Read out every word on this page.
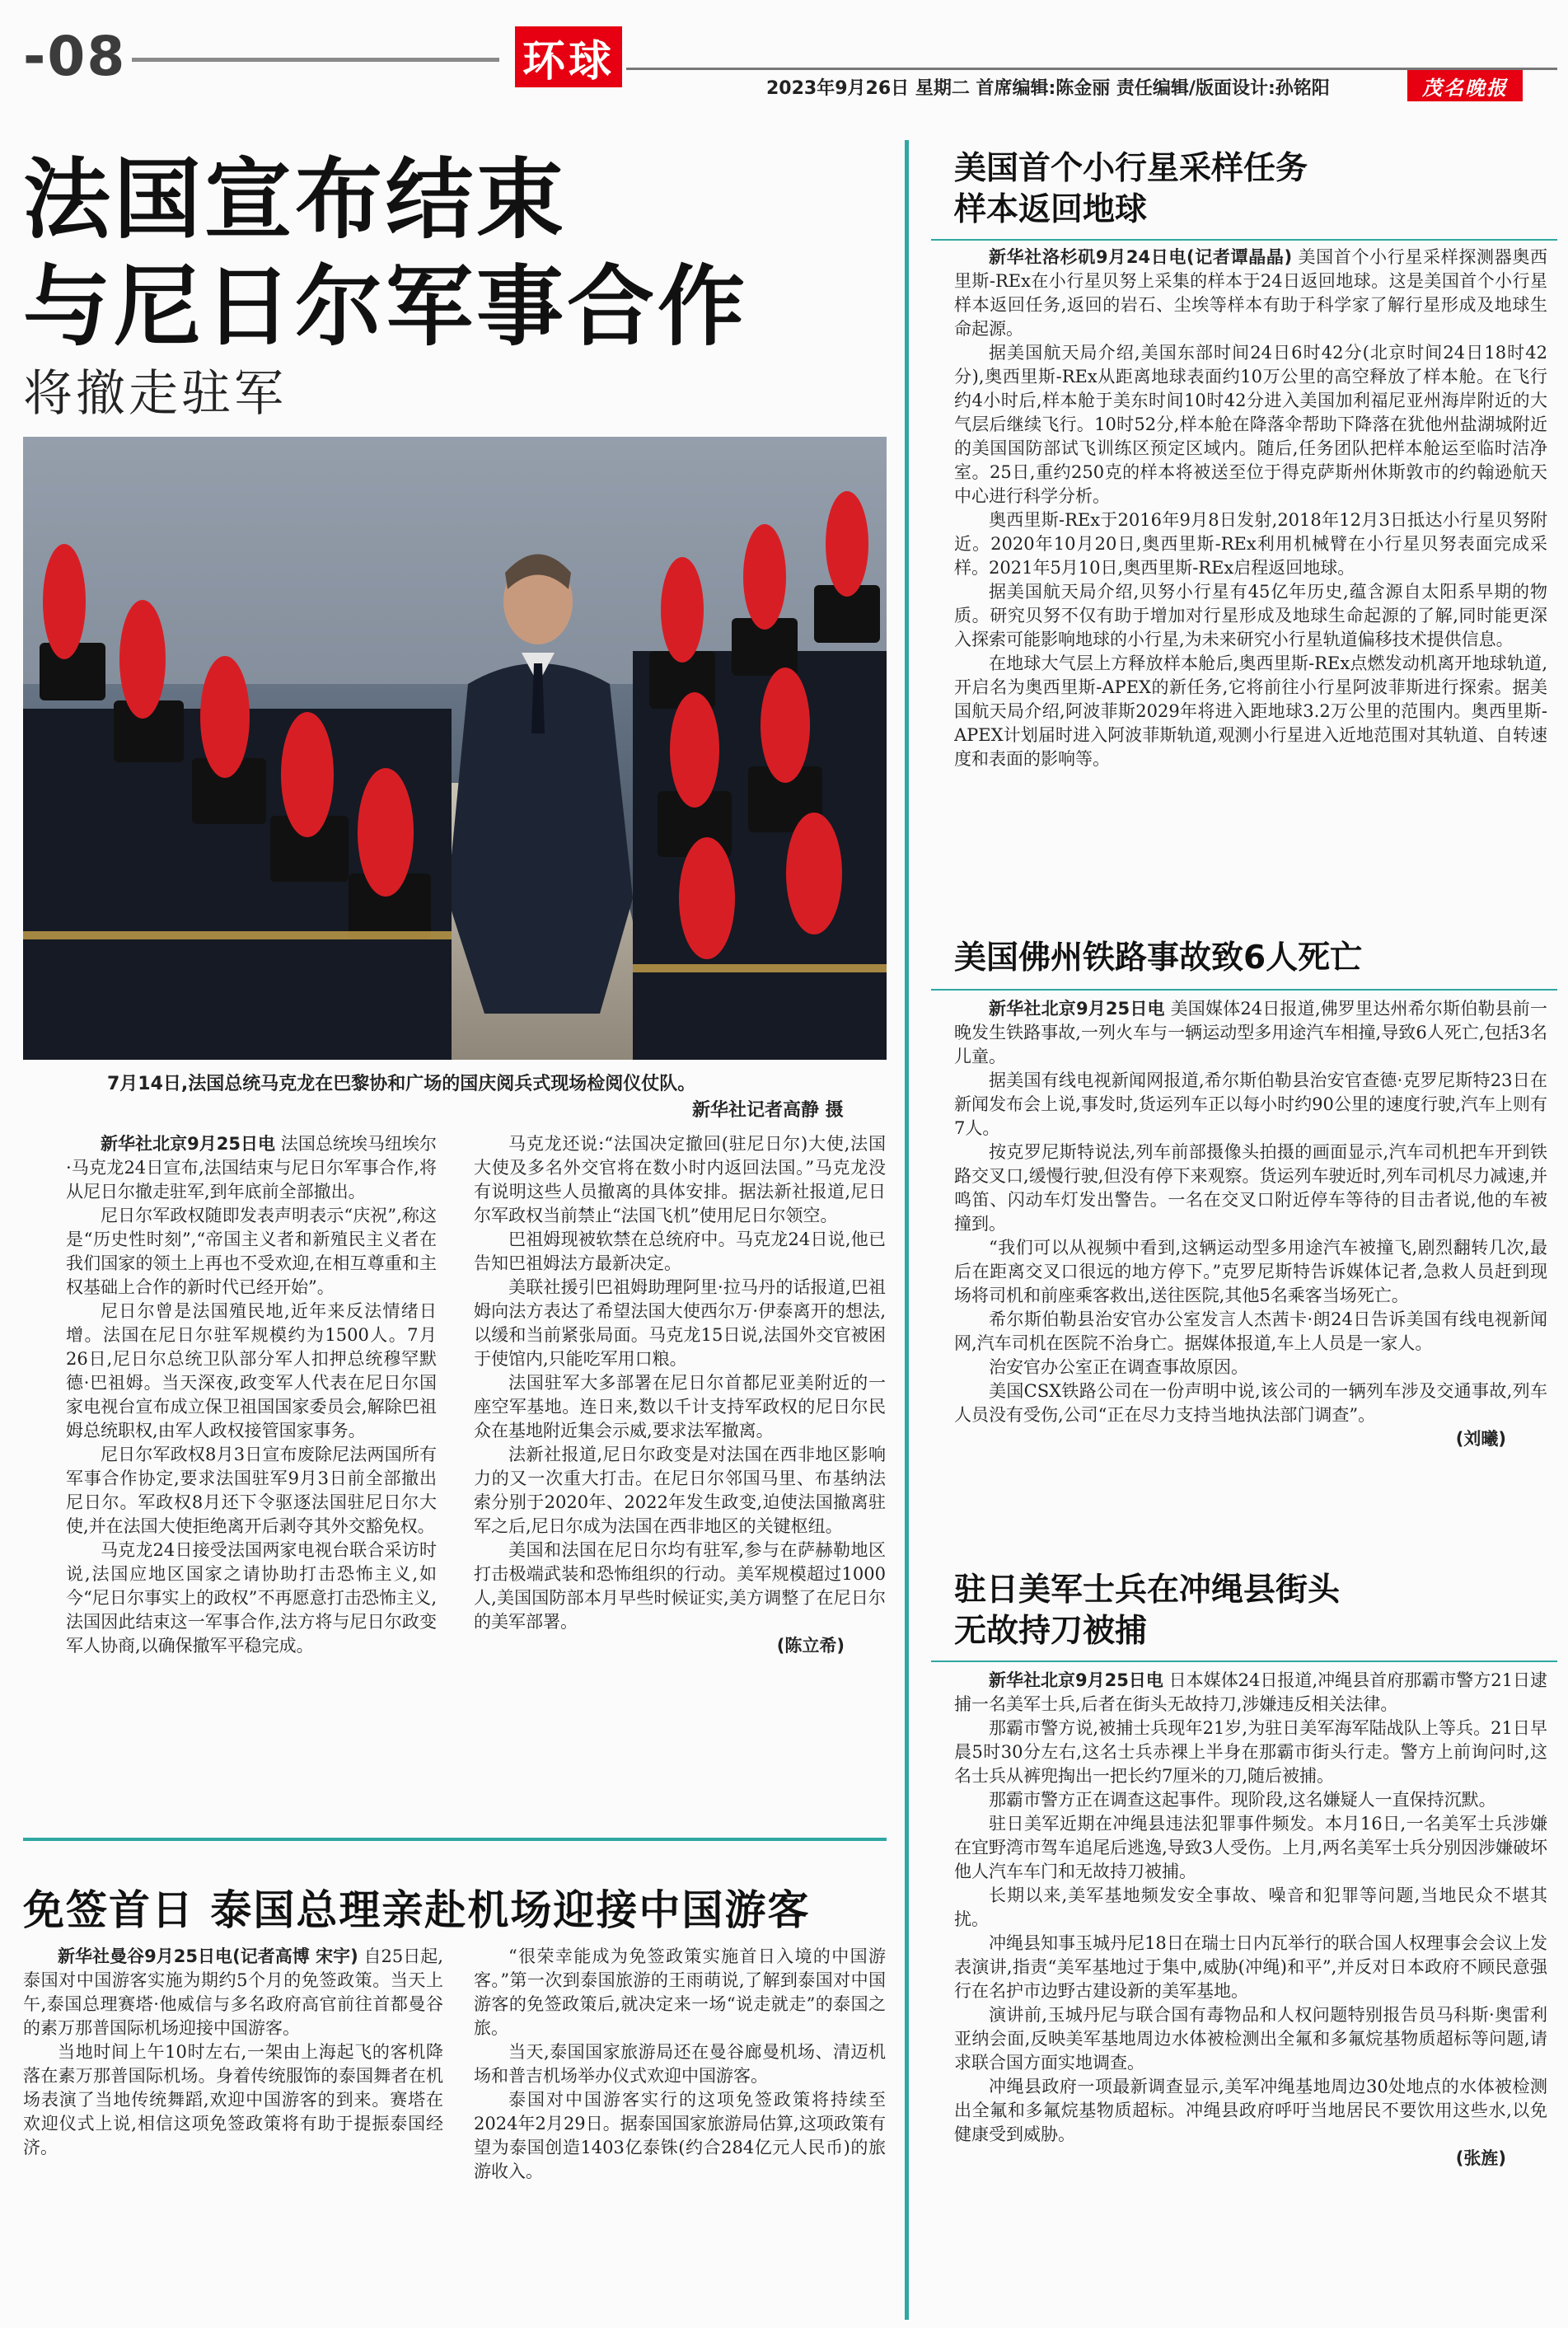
-08	环球
2023年9月26日 星期二 首席编辑:陈金丽 责任编辑/版面设计:孙铭阳	茂名晚报
法国宣布结束
与尼日尔军事合作
将撤走驻军
7月14日,法国总统马克龙在巴黎协和广场的国庆阅兵式现场检阅仪仗队。
新华社记者高静 摄

新华社北京9月25日电 法国总统埃马纽埃尔·马克龙24日宣布,法国结束与尼日尔军事合作,将从尼日尔撤走驻军,到年底前全部撤出。

尼日尔军政权随即发表声明表示“庆祝”,称这是“历史性时刻”,“帝国主义者和新殖民主义者在我们国家的领土上再也不受欢迎,在相互尊重和主权基础上合作的新时代已经开始”。

尼日尔曾是法国殖民地,近年来反法情绪日增。法国在尼日尔驻军规模约为1500人。7月26日,尼日尔总统卫队部分军人扣押总统穆罕默德·巴祖姆。当天深夜,政变军人代表在尼日尔国家电视台宣布成立保卫祖国国家委员会,解除巴祖姆总统职权,由军人政权接管国家事务。

尼日尔军政权8月3日宣布废除尼法两国所有军事合作协定,要求法国驻军9月3日前全部撤出尼日尔。军政权8月还下令驱逐法国驻尼日尔大使,并在法国大使拒绝离开后剥夺其外交豁免权。

马克龙24日接受法国两家电视台联合采访时说,法国应地区国家之请协助打击恐怖主义,如今“尼日尔事实上的政权”不再愿意打击恐怖主义,法国因此结束这一军事合作,法方将与尼日尔政变军人协商,以确保撤军平稳完成。

马克龙还说:“法国决定撤回(驻尼日尔)大使,法国大使及多名外交官将在数小时内返回法国。”马克龙没有说明这些人员撤离的具体安排。据法新社报道,尼日尔军政权当前禁止“法国飞机”使用尼日尔领空。

巴祖姆现被软禁在总统府中。马克龙24日说,他已告知巴祖姆法方最新决定。

美联社援引巴祖姆助理阿里·拉马丹的话报道,巴祖姆向法方表达了希望法国大使西尔万·伊泰离开的想法,以缓和当前紧张局面。马克龙15日说,法国外交官被困于使馆内,只能吃军用口粮。

法国驻军大多部署在尼日尔首都尼亚美附近的一座空军基地。连日来,数以千计支持军政权的尼日尔民众在基地附近集会示威,要求法军撤离。

法新社报道,尼日尔政变是对法国在西非地区影响力的又一次重大打击。在尼日尔邻国马里、布基纳法索分别于2020年、2022年发生政变,迫使法国撤离驻军之后,尼日尔成为法国在西非地区的关键枢纽。

美国和法国在尼日尔均有驻军,参与在萨赫勒地区打击极端武装和恐怖组织的行动。美军规模超过1000人,美国国防部本月早些时候证实,美方调整了在尼日尔的美军部署。

(陈立希)
免签首日 泰国总理亲赴机场迎接中国游客

新华社曼谷9月25日电(记者高博 宋宇) 自25日起,泰国对中国游客实施为期约5个月的免签政策。当天上午,泰国总理赛塔·他威信与多名政府高官前往首都曼谷的素万那普国际机场迎接中国游客。

当地时间上午10时左右,一架由上海起飞的客机降落在素万那普国际机场。身着传统服饰的泰国舞者在机场表演了当地传统舞蹈,欢迎中国游客的到来。赛塔在欢迎仪式上说,相信这项免签政策将有助于提振泰国经济。

“很荣幸能成为免签政策实施首日入境的中国游客。”第一次到泰国旅游的王雨萌说,了解到泰国对中国游客的免签政策后,就决定来一场“说走就走”的泰国之旅。

当天,泰国国家旅游局还在曼谷廊曼机场、清迈机场和普吉机场举办仪式欢迎中国游客。

泰国对中国游客实行的这项免签政策将持续至2024年2月29日。据泰国国家旅游局估算,这项政策有望为泰国创造1403亿泰铢(约合284亿元人民币)的旅游收入。

美国首个小行星采样任务
样本返回地球

新华社洛杉矶9月24日电(记者谭晶晶) 美国首个小行星采样探测器奥西里斯-REx在小行星贝努上采集的样本于24日返回地球。这是美国首个小行星样本返回任务,返回的岩石、尘埃等样本有助于科学家了解行星形成及地球生命起源。

据美国航天局介绍,美国东部时间24日6时42分(北京时间24日18时42分),奥西里斯-REx从距离地球表面约10万公里的高空释放了样本舱。在飞行约4小时后,样本舱于美东时间10时42分进入美国加利福尼亚州海岸附近的大气层后继续飞行。10时52分,样本舱在降落伞帮助下降落在犹他州盐湖城附近的美国国防部试飞训练区预定区域内。随后,任务团队把样本舱运至临时洁净室。25日,重约250克的样本将被送至位于得克萨斯州休斯敦市的约翰逊航天中心进行科学分析。

奥西里斯-REx于2016年9月8日发射,2018年12月3日抵达小行星贝努附近。2020年10月20日,奥西里斯-REx利用机械臂在小行星贝努表面完成采样。2021年5月10日,奥西里斯-REx启程返回地球。

据美国航天局介绍,贝努小行星有45亿年历史,蕴含源自太阳系早期的物质。研究贝努不仅有助于增加对行星形成及地球生命起源的了解,同时能更深入探索可能影响地球的小行星,为未来研究小行星轨道偏移技术提供信息。

在地球大气层上方释放样本舱后,奥西里斯-REx点燃发动机离开地球轨道,开启名为奥西里斯-APEX的新任务,它将前往小行星阿波菲斯进行探索。据美国航天局介绍,阿波菲斯2029年将进入距地球3.2万公里的范围内。奥西里斯-APEX计划届时进入阿波菲斯轨道,观测小行星进入近地范围对其轨道、自转速度和表面的影响等。

美国佛州铁路事故致6人死亡

新华社北京9月25日电 美国媒体24日报道,佛罗里达州希尔斯伯勒县前一晚发生铁路事故,一列火车与一辆运动型多用途汽车相撞,导致6人死亡,包括3名儿童。

据美国有线电视新闻网报道,希尔斯伯勒县治安官查德·克罗尼斯特23日在新闻发布会上说,事发时,货运列车正以每小时约90公里的速度行驶,汽车上则有7人。

按克罗尼斯特说法,列车前部摄像头拍摄的画面显示,汽车司机把车开到铁路交叉口,缓慢行驶,但没有停下来观察。货运列车驶近时,列车司机尽力减速,并鸣笛、闪动车灯发出警告。一名在交叉口附近停车等待的目击者说,他的车被撞到。

“我们可以从视频中看到,这辆运动型多用途汽车被撞飞,剧烈翻转几次,最后在距离交叉口很远的地方停下。”克罗尼斯特告诉媒体记者,急救人员赶到现场将司机和前座乘客救出,送往医院,其他5名乘客当场死亡。

希尔斯伯勒县治安官办公室发言人杰茜卡·朗24日告诉美国有线电视新闻网,汽车司机在医院不治身亡。据媒体报道,车上人员是一家人。

治安官办公室正在调查事故原因。

美国CSX铁路公司在一份声明中说,该公司的一辆列车涉及交通事故,列车人员没有受伤,公司“正在尽力支持当地执法部门调查”。

(刘曦)
驻日美军士兵在冲绳县街头
无故持刀被捕

新华社北京9月25日电 日本媒体24日报道,冲绳县首府那霸市警方21日逮捕一名美军士兵,后者在街头无故持刀,涉嫌违反相关法律。

那霸市警方说,被捕士兵现年21岁,为驻日美军海军陆战队上等兵。21日早晨5时30分左右,这名士兵赤裸上半身在那霸市街头行走。警方上前询问时,这名士兵从裤兜掏出一把长约7厘米的刀,随后被捕。

那霸市警方正在调查这起事件。现阶段,这名嫌疑人一直保持沉默。

驻日美军近期在冲绳县违法犯罪事件频发。本月16日,一名美军士兵涉嫌在宜野湾市驾车追尾后逃逸,导致3人受伤。上月,两名美军士兵分别因涉嫌破坏他人汽车车门和无故持刀被捕。

长期以来,美军基地频发安全事故、噪音和犯罪等问题,当地民众不堪其扰。

冲绳县知事玉城丹尼18日在瑞士日内瓦举行的联合国人权理事会会议上发表演讲,指责“美军基地过于集中,威胁(冲绳)和平”,并反对日本政府不顾民意强行在名护市边野古建设新的美军基地。

演讲前,玉城丹尼与联合国有毒物品和人权问题特别报告员马科斯·奥雷利亚纳会面,反映美军基地周边水体被检测出全氟和多氟烷基物质超标等问题,请求联合国方面实地调查。

冲绳县政府一项最新调查显示,美军冲绳基地周边30处地点的水体被检测出全氟和多氟烷基物质超标。冲绳县政府呼吁当地居民不要饮用这些水,以免健康受到威胁。

(张旌)
